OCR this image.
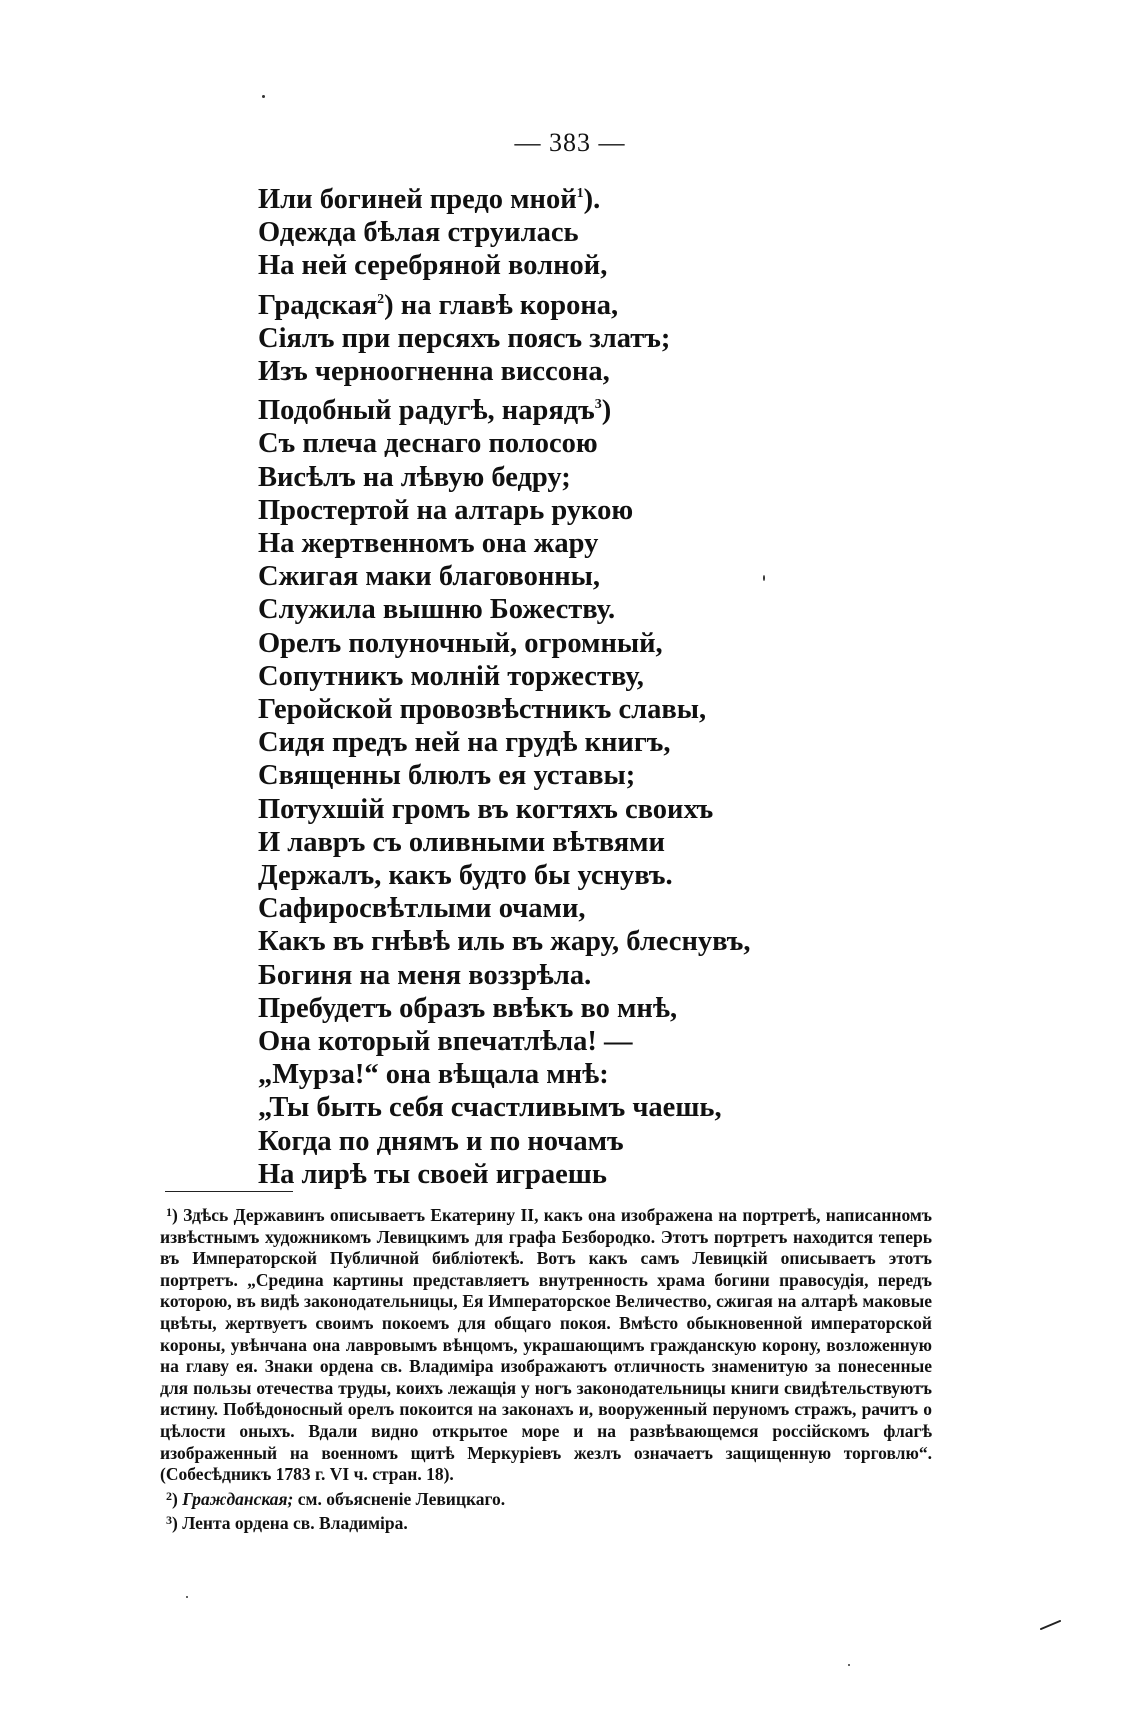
— 383 —
Или богиней предо мной$^1$).
Одежда бѣлая струилась
На ней серебряной волной,
Градская$^2$) на главѣ корона,
Сіялъ при персяхъ поясъ златъ;
Изъ черноогненна виссона,
Подобный радугѣ, нарядъ$^3$)
Съ плеча деснаго полосою
Висѣлъ на лѣвую бедру;
Простертой на алтарь рукою
На жертвенномъ она жару
Сжигая маки благовонны,
Служила вышню Божеству.
Орелъ полуночный, огромный,
Сопутникъ молній торжеству,
Геройской провозвѣстникъ славы,
Сидя предъ ней на грудѣ книгъ,
Священны блюлъ ея уставы;
Потухшій громъ въ когтяхъ своихъ
И лавръ съ оливными вѣтвями
Держалъ, какъ будто бы уснувъ.
Сафиросвѣтлыми очами,
Какъ въ гнѣвѣ иль въ жару, блеснувъ,
Богиня на меня воззрѣла.
Пребудетъ образъ ввѣкъ во мнѣ,
Она который впечатлѣла! —
„Мурза!“ она вѣщала мнѣ:
„Ты быть себя счастливымъ чаешь,
Когда по днямъ и по ночамъ
На лирѣ ты своей играешь

$^1$) Здѣсь Державинъ описываетъ Екатерину II, какъ она изображена на портретѣ, написанномъ извѣстнымъ художникомъ Левицкимъ для графа Безбородко. Этотъ портретъ находится теперь въ Императорской Публичной библіотекѣ. Вотъ какъ самъ Левицкій описываетъ этотъ портретъ. „Средина картины представляетъ внутренность храма богини правосудія, передъ которою, въ видѣ законодательницы, Ея Императорское Величество, сжигая на алтарѣ маковые цвѣты, жертвуетъ своимъ покоемъ для общаго покоя. Вмѣсто обыкновенной императорской короны, увѣнчана она лавровымъ вѣнцомъ, украшающимъ гражданскую корону, возложенную на главу ея. Знаки ордена св. Владиміра изображаютъ отличность знаменитую за понесенные для пользы отечества труды, коихъ лежащія у ногъ законодательницы книги свидѣтельствуютъ истину. Побѣдоносный орелъ покоится на законахъ и, вооруженный перуномъ стражъ, рачитъ о цѣлости оныхъ. Вдали видно открытое море и на развѣвающемся россійскомъ флагѣ изображенный на военномъ щитѣ Меркуріевъ жезлъ означаетъ защищенную торговлю“. (Собесѣдникъ 1783 г. VI ч. стран. 18).

$^2$) Гражданская; см. объясненіе Левицкаго.

$^3$) Лента ордена св. Владиміра.
